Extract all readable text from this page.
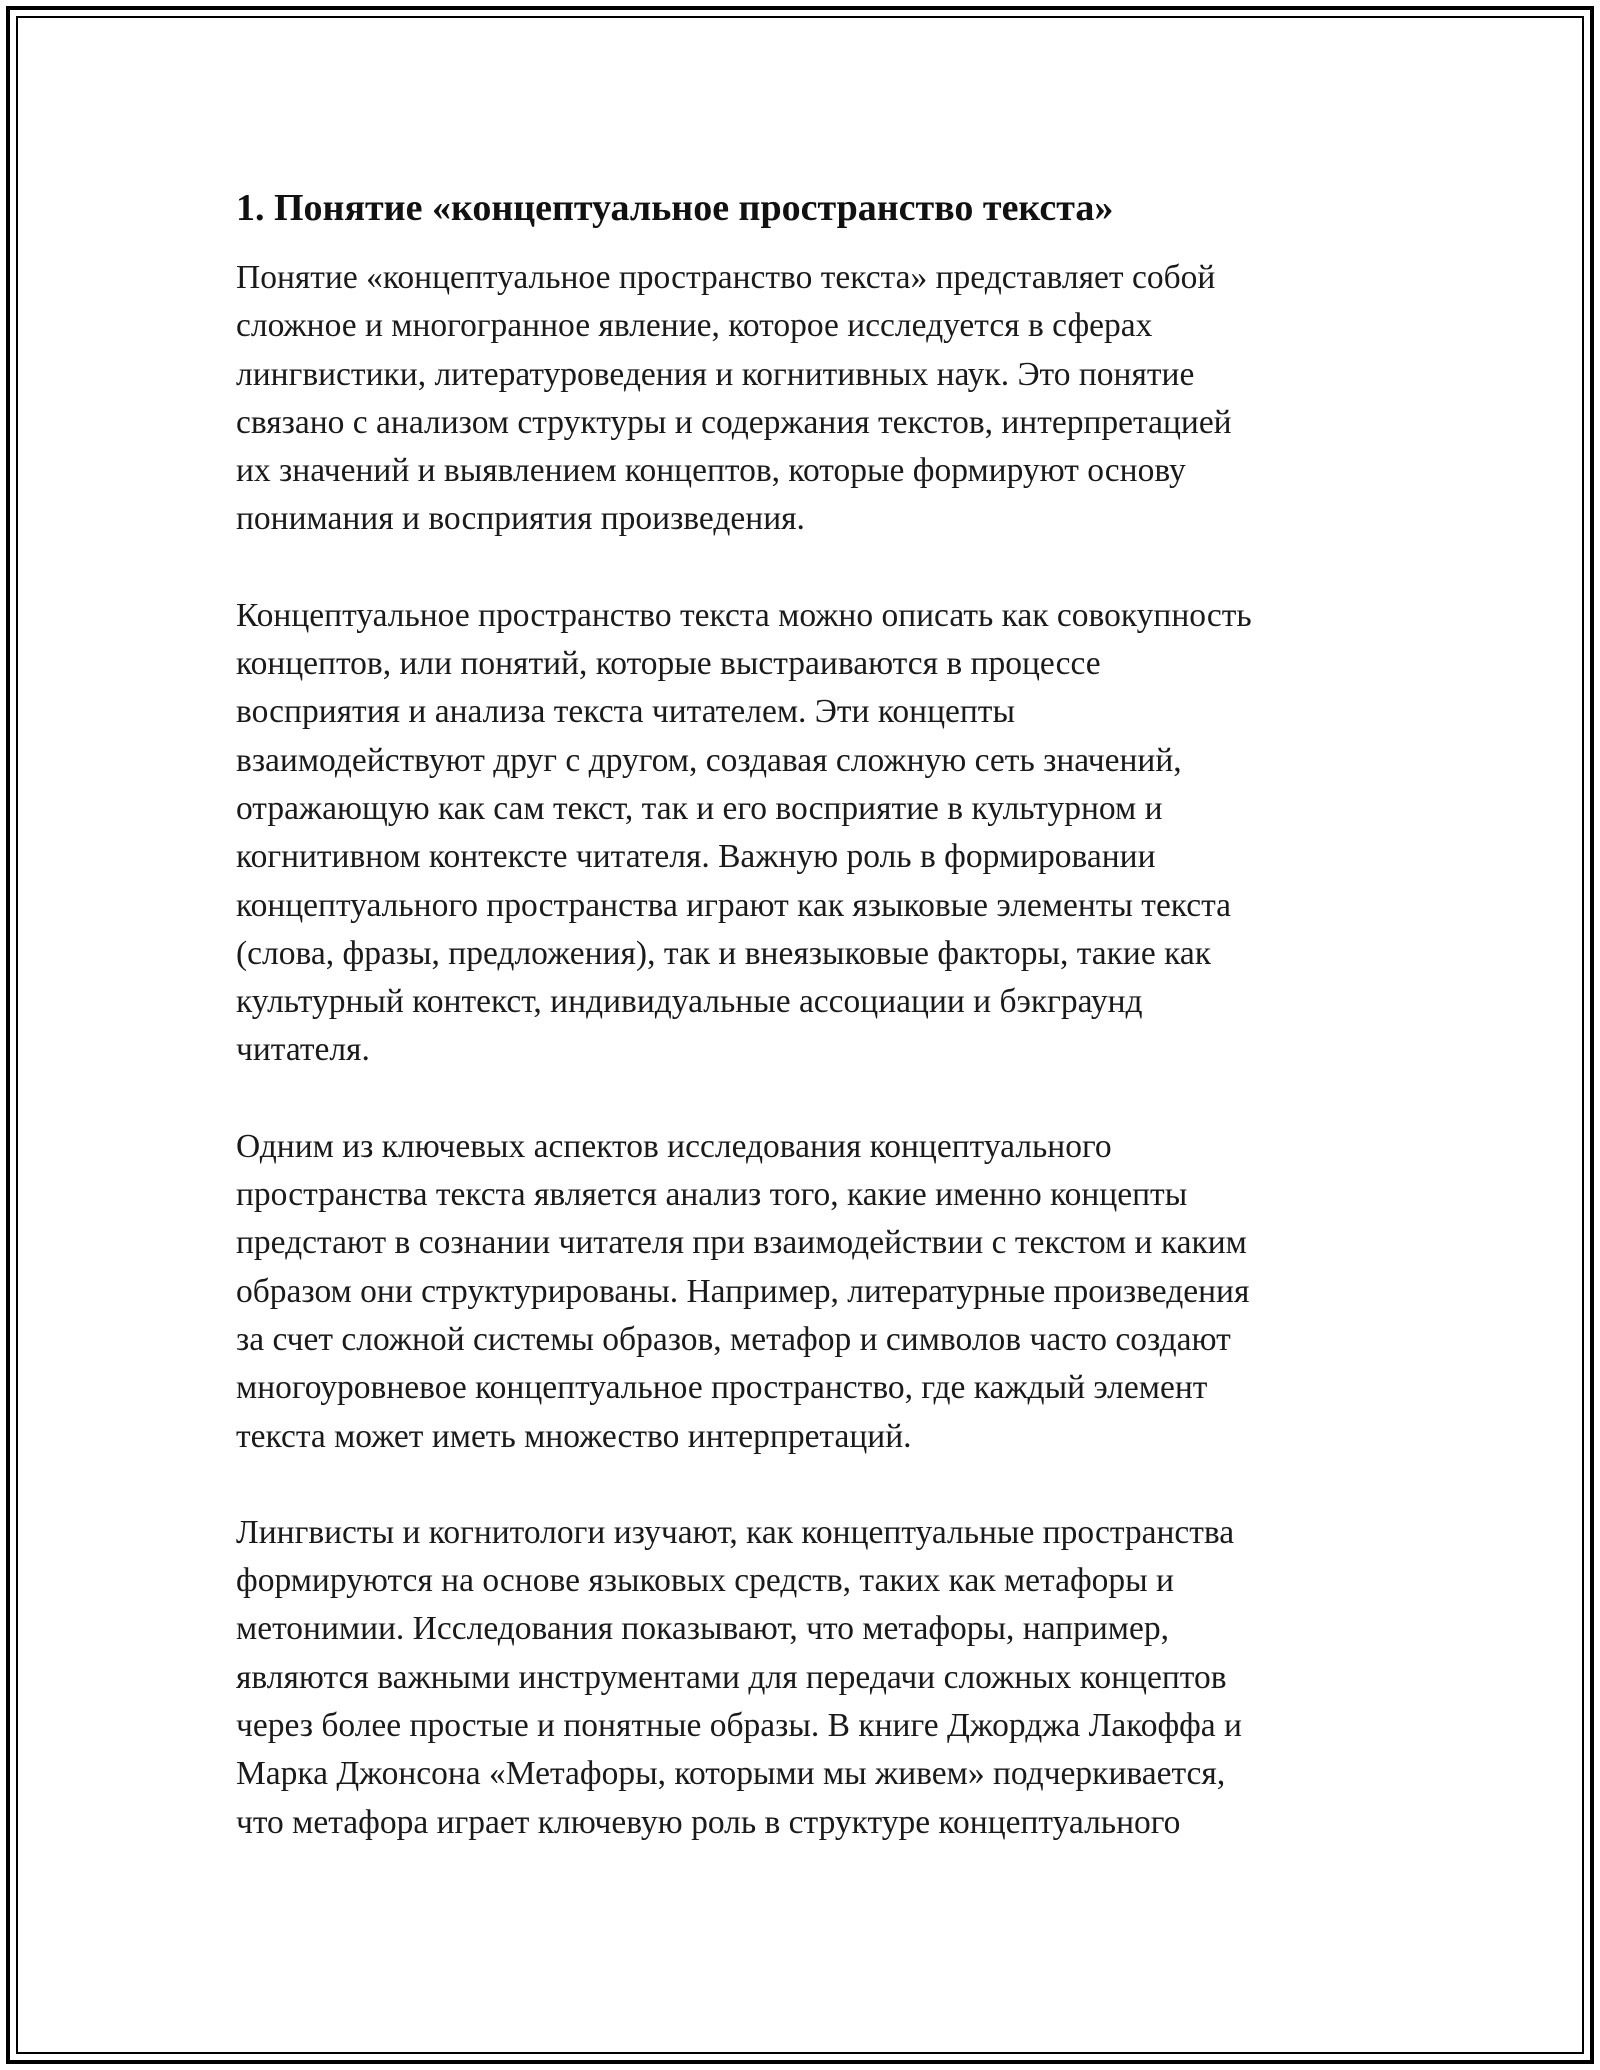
1. Понятие «концептуальное пространство текста»

Понятие «концептуальное пространство текста» представляет собой
сложное и многогранное явление, которое исследуется в сферах
лингвистики, литературоведения и когнитивных наук. Это понятие
связано с анализом структуры и содержания текстов, интерпретацией
их значений и выявлением концептов, которые формируют основу
понимания и восприятия произведения.

Концептуальное пространство текста можно описать как совокупность
концептов, или понятий, которые выстраиваются в процессе
восприятия и анализа текста читателем. Эти концепты
взаимодействуют друг с другом, создавая сложную сеть значений,
отражающую как сам текст, так и его восприятие в культурном и
когнитивном контексте читателя. Важную роль в формировании
концептуального пространства играют как языковые элементы текста
(слова, фразы, предложения), так и внеязыковые факторы, такие как
культурный контекст, индивидуальные ассоциации и бэкграунд
читателя.

Одним из ключевых аспектов исследования концептуального
пространства текста является анализ того, какие именно концепты
предстают в сознании читателя при взаимодействии с текстом и каким
образом они структурированы. Например, литературные произведения
за счет сложной системы образов, метафор и символов часто создают
многоуровневое концептуальное пространство, где каждый элемент
текста может иметь множество интерпретаций.

Лингвисты и когнитологи изучают, как концептуальные пространства
формируются на основе языковых средств, таких как метафоры и
метонимии. Исследования показывают, что метафоры, например,
являются важными инструментами для передачи сложных концептов
через более простые и понятные образы. В книге Джорджа Лакоффа и
Марка Джонсона «Метафоры, которыми мы живем» подчеркивается,
что метафора играет ключевую роль в структуре концептуального
